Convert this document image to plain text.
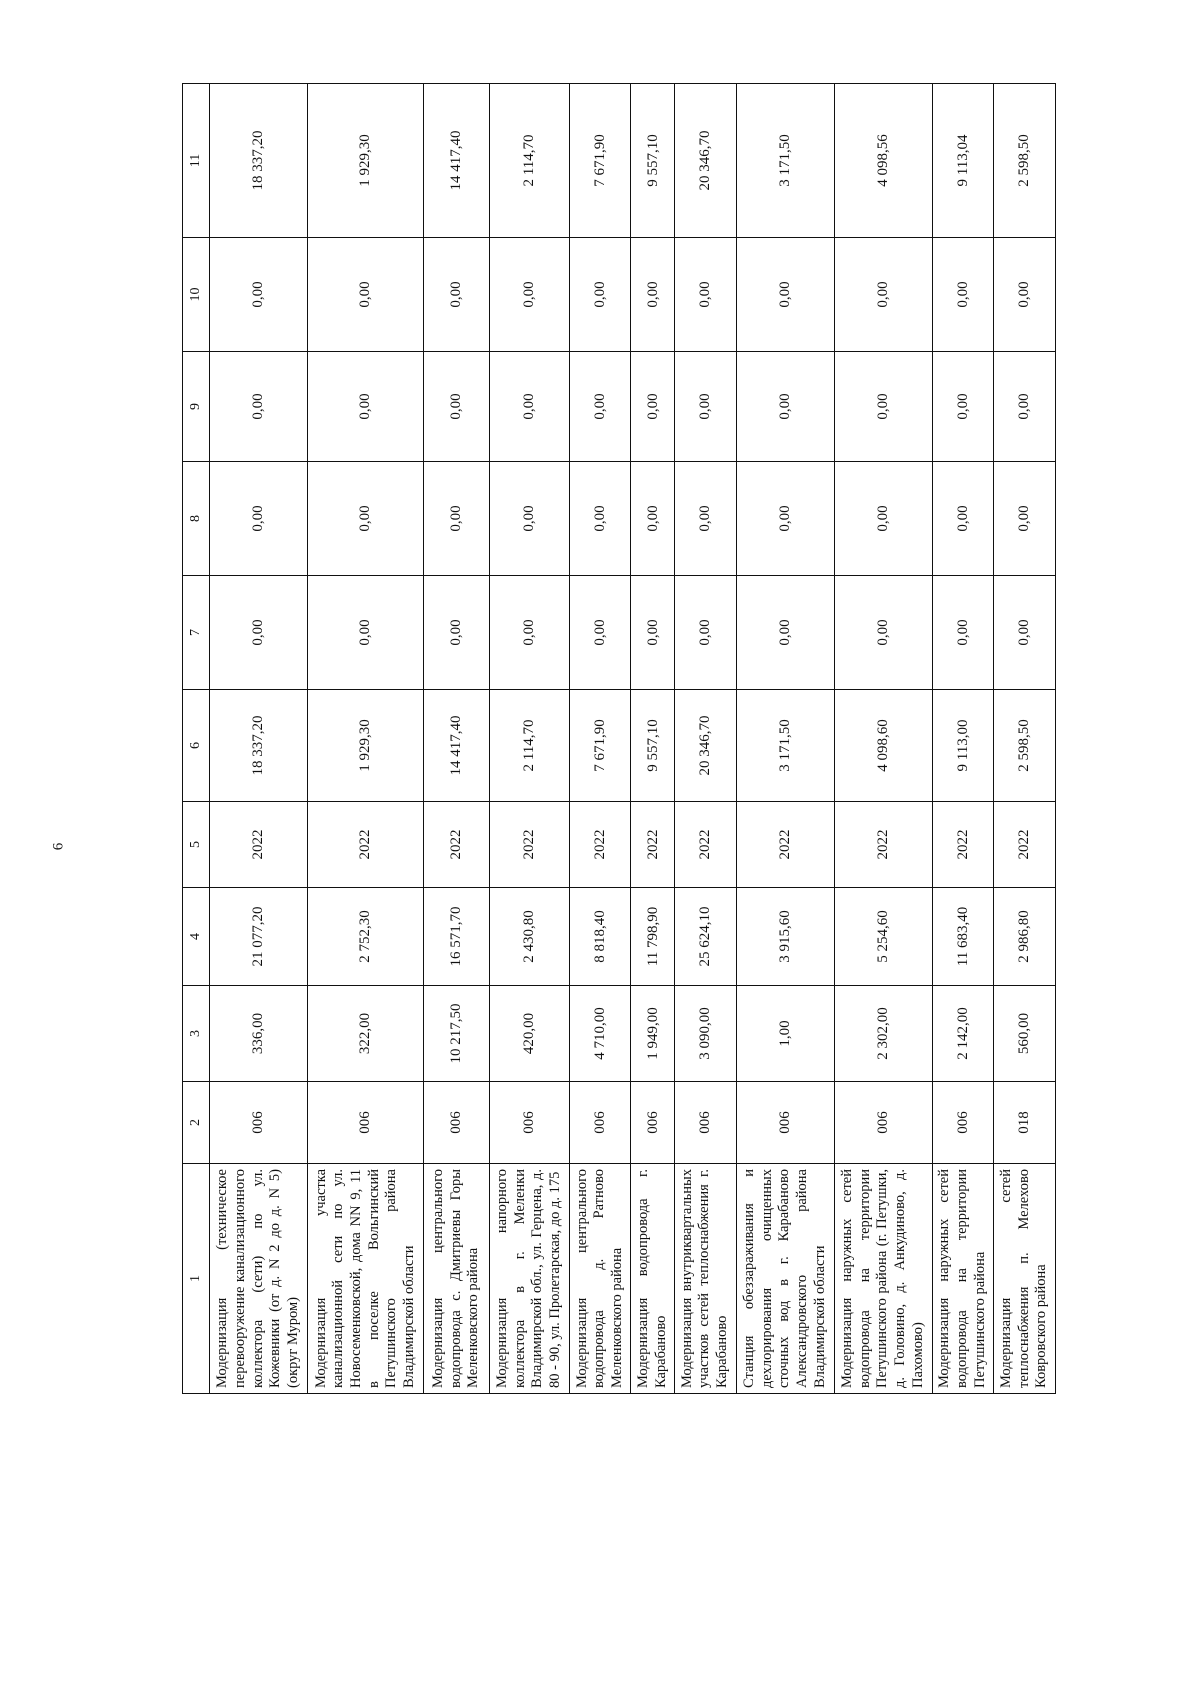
6
1	2	3	4	5	6	7	8	9	10	11
Модернизация (техническое перевооружение канализационного коллектора (сети) по ул. Кожевники (от д. N 2 до д. N 5) (округ Муром)	006	336,00	21 077,20	2022	18 337,20	0,00	0,00	0,00	0,00	18 337,20
Модернизация участка канализационной сети по ул. Новосеменковской, дома NN 9, 11 в поселке Вольгинский Петушинского района Владимирской области	006	322,00	2 752,30	2022	1 929,30	0,00	0,00	0,00	0,00	1 929,30
Модернизация центрального водопровода с. Дмитриевы Горы Меленковского района	006	10 217,50	16 571,70	2022	14 417,40	0,00	0,00	0,00	0,00	14 417,40
Модернизация напорного коллектора в г. Меленки Владимирской обл., ул. Герцена, д. 80 - 90, ул. Пролетарская, до д. 175	006	420,00	2 430,80	2022	2 114,70	0,00	0,00	0,00	0,00	2 114,70
Модернизация центрального водопровода д. Ратново Меленковского района	006	4 710,00	8 818,40	2022	7 671,90	0,00	0,00	0,00	0,00	7 671,90
Модернизация водопровода г. Карабаново	006	1 949,00	11 798,90	2022	9 557,10	0,00	0,00	0,00	0,00	9 557,10
Модернизация внутриквартальных участков сетей теплоснабжения г. Карабаново	006	3 090,00	25 624,10	2022	20 346,70	0,00	0,00	0,00	0,00	20 346,70
Станция обеззараживания и дехлорирования очищенных сточных вод в г. Карабаново Александровского района Владимирской области	006	1,00	3 915,60	2022	3 171,50	0,00	0,00	0,00	0,00	3 171,50
Модернизация наружных сетей водопровода на территории Петушинского района (г. Петушки, д. Головино, д. Анкудиново, д. Пахомово)	006	2 302,00	5 254,60	2022	4 098,60	0,00	0,00	0,00	0,00	4 098,56
Модернизация наружных сетей водопровода на территории Петушинского района	006	2 142,00	11 683,40	2022	9 113,00	0,00	0,00	0,00	0,00	9 113,04
Модернизация сетей теплоснабжения п. Мелехово Ковровского района	018	560,00	2 986,80	2022	2 598,50	0,00	0,00	0,00	0,00	2 598,50
